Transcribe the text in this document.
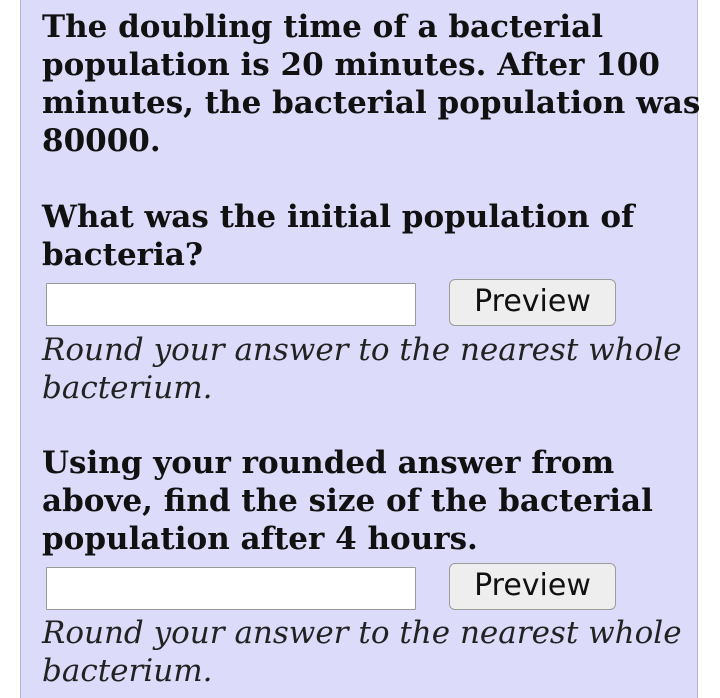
The doubling time of a bacterial
population is 20 minutes. After 100
minutes, the bacterial population was
80000.
What was the initial population of
bacteria?
Preview
Round your answer to the nearest whole
bacterium.
Using your rounded answer from
above, find the size of the bacterial
population after 4 hours.
Preview
Round your answer to the nearest whole
bacterium.
